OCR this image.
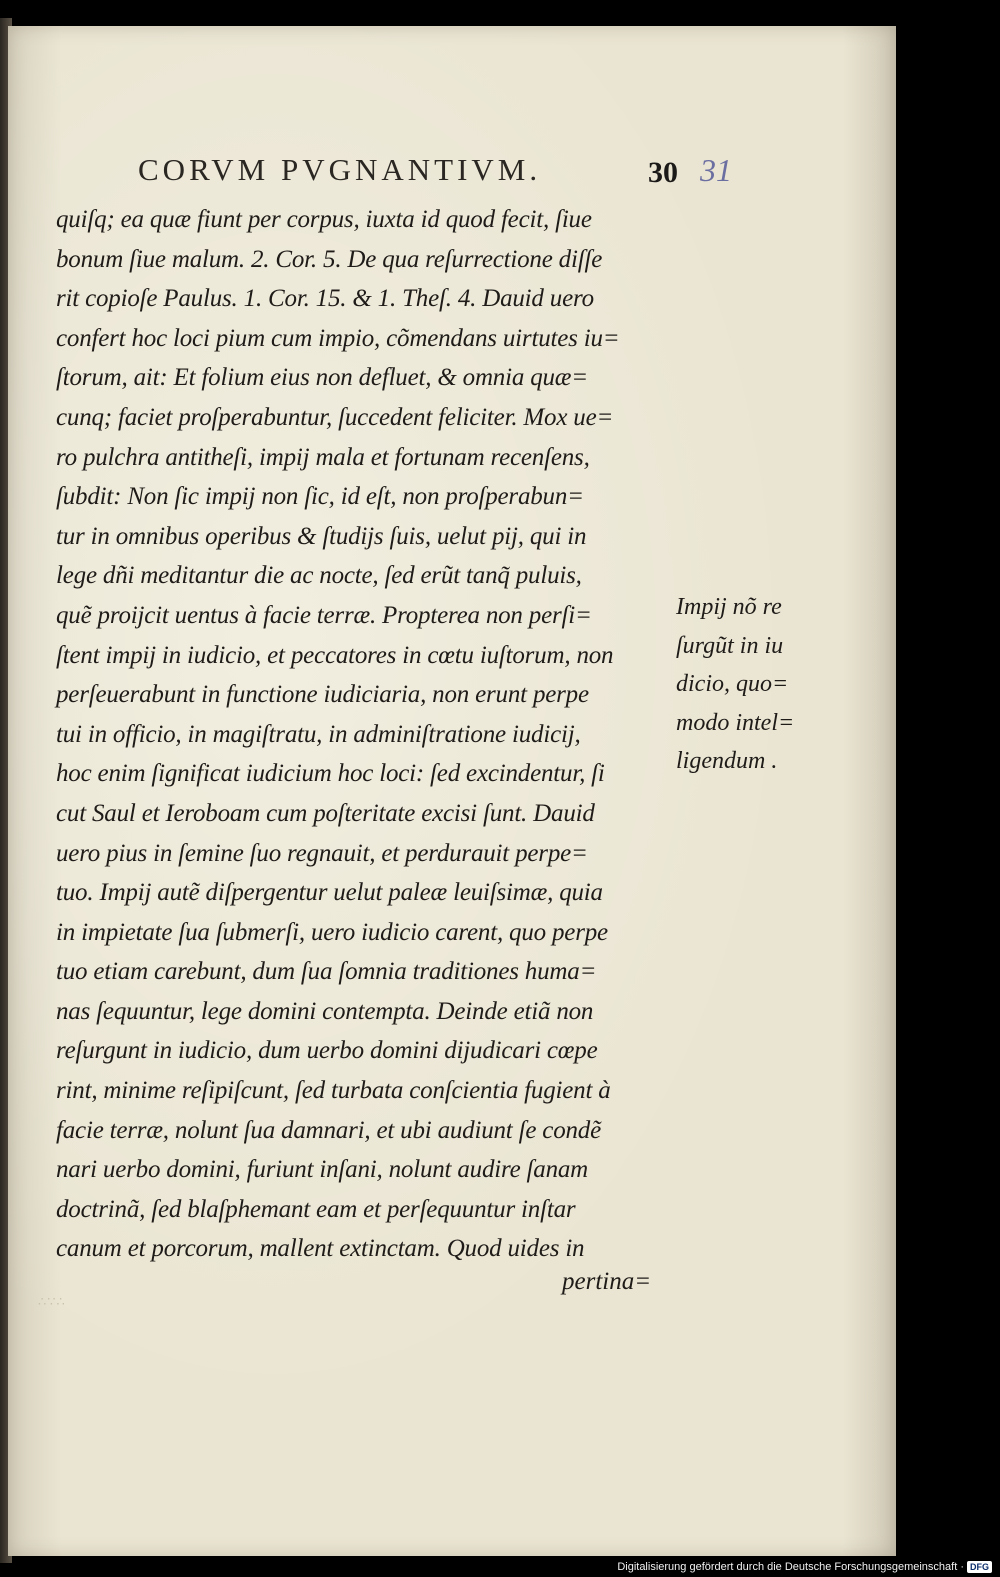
CORVM PVGNANTIVM.	30 31
quiſq; ea quæ fiunt per corpus, iuxta id quod fecit, ſiue
bonum ſiue malum. 2. Cor. 5. De qua reſurrectione diſſe
rit copioſe Paulus. 1. Cor. 15. & 1. Theſ. 4. Dauid uero
confert hoc loci pium cum impio, cõmendans uirtutes iu=
ſtorum, ait: Et folium eius non defluet, & omnia quæ=
cunq; faciet proſperabuntur, ſuccedent feliciter. Mox ue=
ro pulchra antitheſi, impij mala et fortunam recenſens,
ſubdit: Non ſic impij non ſic, id eſt, non proſperabun=
tur in omnibus operibus & ſtudijs ſuis, uelut pij, qui in
lege dñi meditantur die ac nocte, ſed erũt tanq̃ puluis,
quẽ proijcit uentus à facie terræ. Propterea non perſi=
ſtent impij in iudicio, et peccatores in cœtu iuſtorum, non
perſeuerabunt in functione iudiciaria, non erunt perpe
tui in officio, in magiſtratu, in adminiſtratione iudicij,
hoc enim ſignificat iudicium hoc loci: ſed excindentur, ſi
cut Saul et Ieroboam cum poſteritate excisi ſunt. Dauid
uero pius in ſemine ſuo regnauit, et perdurauit perpe=
tuo. Impij autẽ diſpergentur uelut paleæ leuiſsimæ, quia
in impietate ſua ſubmerſi, uero iudicio carent, quo perpe
tuo etiam carebunt, dum ſua ſomnia traditiones huma=
nas ſequuntur, lege domini contempta. Deinde etiã non
reſurgunt in iudicio, dum uerbo domini dijudicari cœpe
rint, minime reſipiſcunt, ſed turbata conſcientia fugient à
facie terræ, nolunt ſua damnari, et ubi audiunt ſe condẽ
nari uerbo domini, furiunt inſani, nolunt audire ſanam
doctrinã, ſed blaſphemant eam et perſequuntur inſtar
canum et porcorum, mallent extinctam. Quod uides in
pertina=
Impij nõ re
ſurgũt in iu
dicio, quo=
modo intel=
ligendum .
∴∵∴
Digitalisierung gefördert durch die Deutsche Forschungsgemeinschaft · DFG
